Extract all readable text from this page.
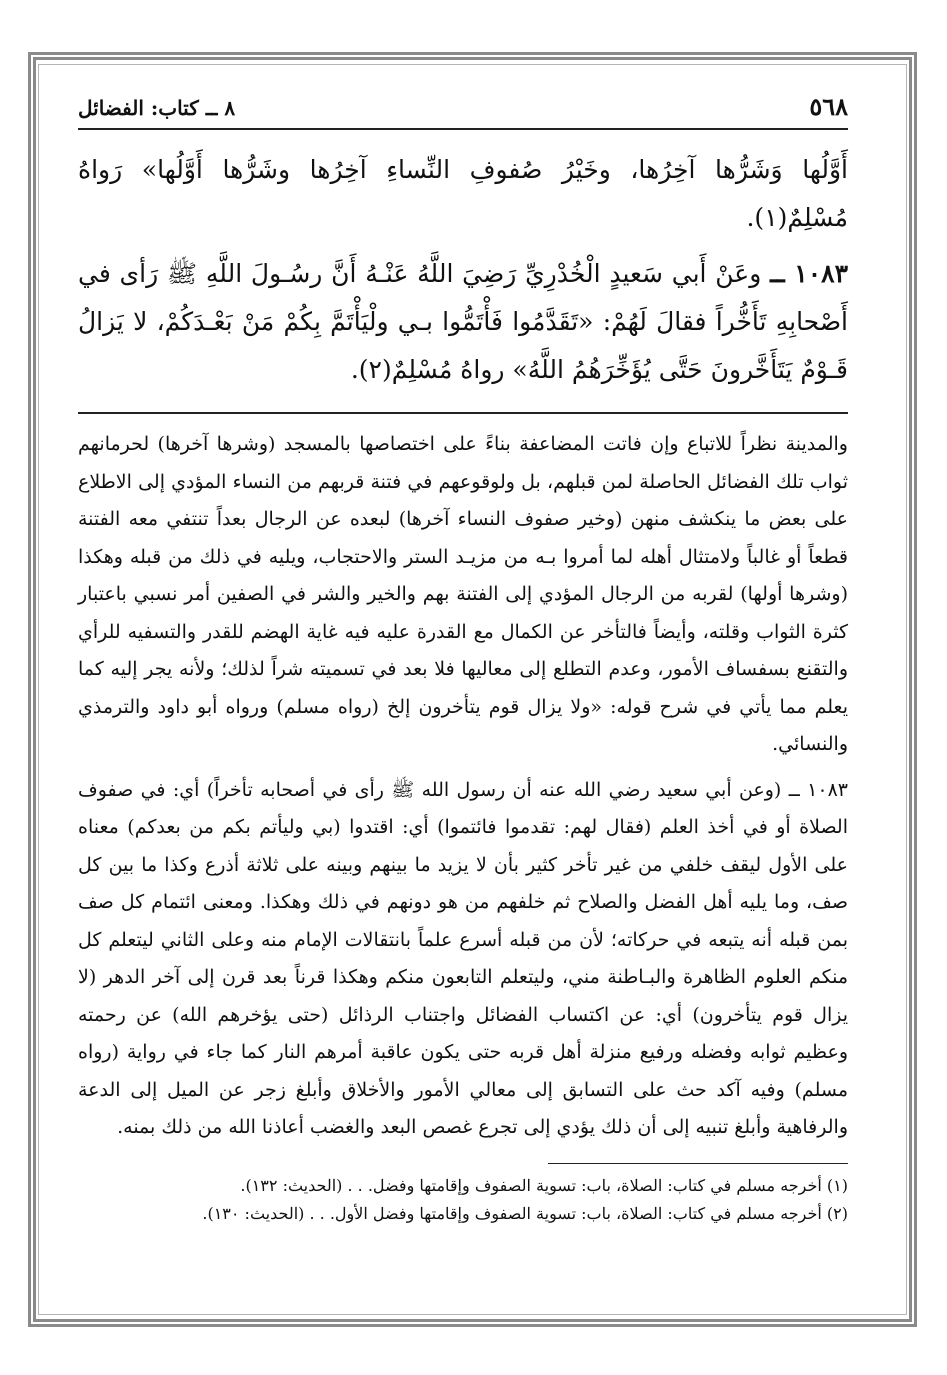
٥٦٨
٨ ــ كتاب: الفضائل

أَوَّلُها وَشَرُّها آخِرُها، وخَيْرُ صُفوفِ النِّساءِ آخِرُها وشَرُّها أَوَّلُها» رَواهُ مُسْلِمٌ(١).

١٠٨٣ ــ وعَنْ أَبي سَعيدٍ الْخُدْرِيِّ رَضِيَ اللَّهُ عَنْـهُ أَنَّ رسُـولَ اللَّهِ ﷺ رَأى في أَصْحابِهِ تَأَخُّراً فقالَ لَهُمْ: «تَقَدَّمُوا فَأْتَمُّوا بـي ولْيَأْتَمَّ بِكُمْ مَنْ بَعْـدَكُمْ، لا يَزالُ قَـوْمٌ يَتَأَخَّرونَ حَتَّى يُؤَخِّرَهُمُ اللَّهُ» رواهُ مُسْلِمٌ(٢).

والمدينة نظراً للاتباع وإن فاتت المضاعفة بناءً على اختصاصها بالمسجد (وشرها آخرها) لحرمانهم ثواب تلك الفضائل الحاصلة لمن قبلهم، بل ولوقوعهم في فتنة قربهم من النساء المؤدي إلى الاطلاع على بعض ما ينكشف منهن (وخير صفوف النساء آخرها) لبعده عن الرجال بعداً تنتفي معه الفتنة قطعاً أو غالباً ولامتثال أهله لما أمروا بـه من مزيـد الستر والاحتجاب، ويليه في ذلك من قبله وهكذا (وشرها أولها) لقربه من الرجال المؤدي إلى الفتنة بهم والخير والشر في الصفين أمر نسبي باعتبار كثرة الثواب وقلته، وأيضاً فالتأخر عن الكمال مع القدرة عليه فيه غاية الهضم للقدر والتسفيه للرأي والتقنع بسفساف الأمور، وعدم التطلع إلى معاليها فلا بعد في تسميته شراً لذلك؛ ولأنه يجر إليه كما يعلم مما يأتي في شرح قوله: «ولا يزال قوم يتأخرون إلخ (رواه مسلم) ورواه أبو داود والترمذي والنسائي.

١٠٨٣ ــ (وعن أبي سعيد رضي الله عنه أن رسول الله ﷺ رأى في أصحابه تأخراً) أي: في صفوف الصلاة أو في أخذ العلم (فقال لهم: تقدموا فائتموا) أي: اقتدوا (بي وليأتم بكم من بعدكم) معناه على الأول ليقف خلفي من غير تأخر كثير بأن لا يزيد ما بينهم وبينه على ثلاثة أذرع وكذا ما بين كل صف، وما يليه أهل الفضل والصلاح ثم خلفهم من هو دونهم في ذلك وهكذا. ومعنى ائتمام كل صف بمن قبله أنه يتبعه في حركاته؛ لأن من قبله أسرع علماً بانتقالات الإمام منه وعلى الثاني ليتعلم كل منكم العلوم الظاهرة والبـاطنة مني، وليتعلم التابعون منكم وهكذا قرناً بعد قرن إلى آخر الدهر (لا يزال قوم يتأخرون) أي: عن اكتساب الفضائل واجتناب الرذائل (حتى يؤخرهم الله) عن رحمته وعظيم ثوابه وفضله ورفيع منزلة أهل قربه حتى يكون عاقبة أمرهم النار كما جاء في رواية (رواه مسلم) وفيه آكد حث على التسابق إلى معالي الأمور والأخلاق وأبلغ زجر عن الميل إلى الدعة والرفاهية وأبلغ تنبيه إلى أن ذلك يؤدي إلى تجرع غصص البعد والغضب أعاذنا الله من ذلك بمنه.

(١) أخرجه مسلم في كتاب: الصلاة، باب: تسوية الصفوف وإقامتها وفضل. . . (الحديث: ١٣٢).

(٢) أخرجه مسلم في كتاب: الصلاة، باب: تسوية الصفوف وإقامتها وفضل الأول. . . (الحديث: ١٣٠).
